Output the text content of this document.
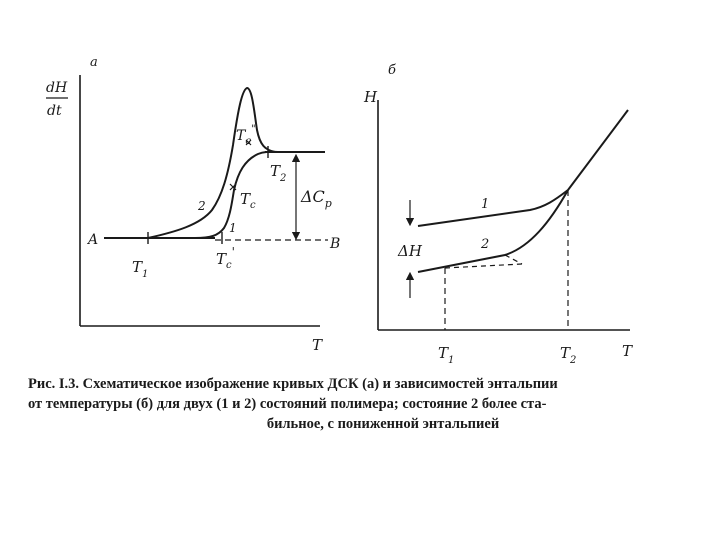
a
dH
dt
T
A	B
$T_1$
$T_2$
$T_c$
$T_c'$
$T_c^"$
1
2	$\Delta C_p$
б
H
T
1
2
ΔH
$T_1$	$T_2$
Рис. I.3. Схематическое изображение кривых ДСК (а) и зависимостей энтальпии
от температуры (б) для двух (1 и 2) состояний полимера; состояние 2 более ста-
бильное, с пониженной энтальпией
